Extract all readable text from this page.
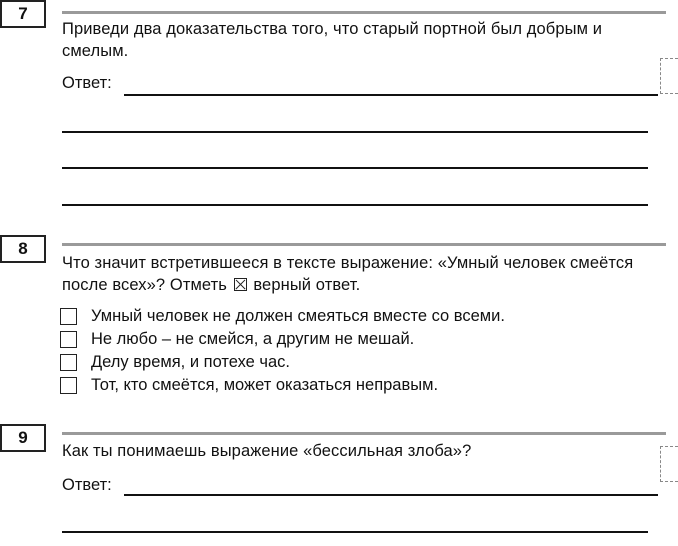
7
Приведи два доказательства того, что старый портной был добрым и смелым.
Ответ:
8
Что значит встретившееся в тексте выражение: «Умный человек смеётся после всех»? Отметь верный ответ.
Умный человек не должен смеяться вместе со всеми.
Не любо – не смейся, а другим не мешай.
Делу время, и потехе час.
Тот, кто смеётся, может оказаться неправым.
9
Как ты понимаешь выражение «бессильная злоба»?
Ответ:
